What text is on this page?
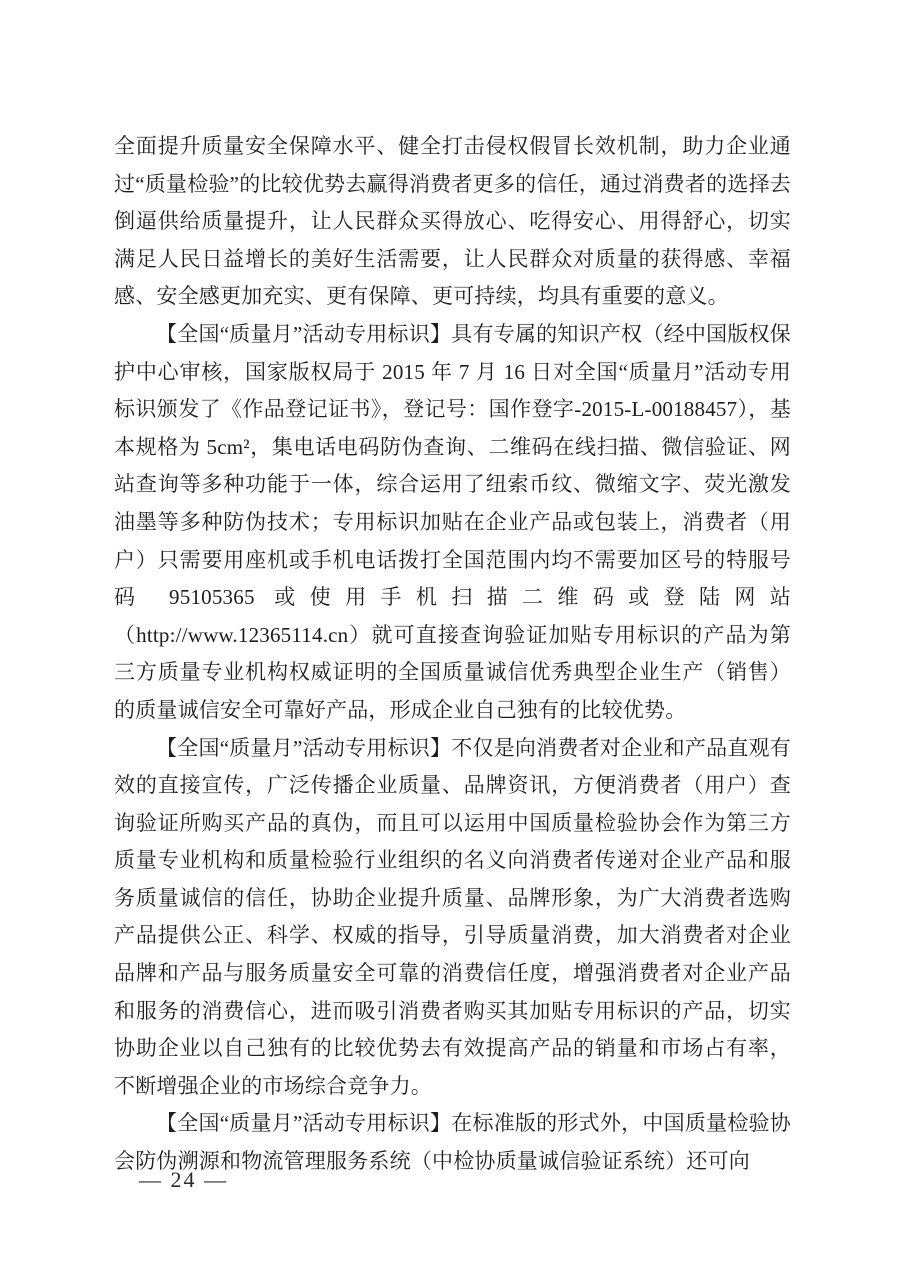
全面提升质量安全保障水平、健全打击侵权假冒长效机制，助力企业通过“质量检验”的比较优势去赢得消费者更多的信任，通过消费者的选择去倒逼供给质量提升，让人民群众买得放心、吃得安心、用得舒心，切实满足人民日益增长的美好生活需要，让人民群众对质量的获得感、幸福感、安全感更加充实、更有保障、更可持续，均具有重要的意义。

【全国“质量月”活动专用标识】具有专属的知识产权（经中国版权保护中心审核，国家版权局于 2015 年 7 月 16 日对全国“质量月”活动专用标识颁发了《作品登记证书》，登记号：国作登字-2015-L-00188457），基本规格为 5cm²，集电话电码防伪查询、二维码在线扫描、微信验证、网站查询等多种功能于一体，综合运用了纽索币纹、微缩文字、荧光激发油墨等多种防伪技术；专用标识加贴在企业产品或包装上，消费者（用户）只需要用座机或手机电话拨打全国范围内均不需要加区号的特服号码 95105365 或使用手机扫描二维码或登陆网站（http://www.12365114.cn）就可直接查询验证加贴专用标识的产品为第三方质量专业机构权威证明的全国质量诚信优秀典型企业生产（销售）的质量诚信安全可靠好产品，形成企业自己独有的比较优势。

【全国“质量月”活动专用标识】不仅是向消费者对企业和产品直观有效的直接宣传，广泛传播企业质量、品牌资讯，方便消费者（用户）查询验证所购买产品的真伪，而且可以运用中国质量检验协会作为第三方质量专业机构和质量检验行业组织的名义向消费者传递对企业产品和服务质量诚信的信任，协助企业提升质量、品牌形象，为广大消费者选购产品提供公正、科学、权威的指导，引导质量消费，加大消费者对企业品牌和产品与服务质量安全可靠的消费信任度，增强消费者对企业产品和服务的消费信心，进而吸引消费者购买其加贴专用标识的产品，切实协助企业以自己独有的比较优势去有效提高产品的销量和市场占有率，不断增强企业的市场综合竞争力。

【全国“质量月”活动专用标识】在标准版的形式外，中国质量检验协会防伪溯源和物流管理服务系统（中检协质量诚信验证系统）还可向

— 24 —
